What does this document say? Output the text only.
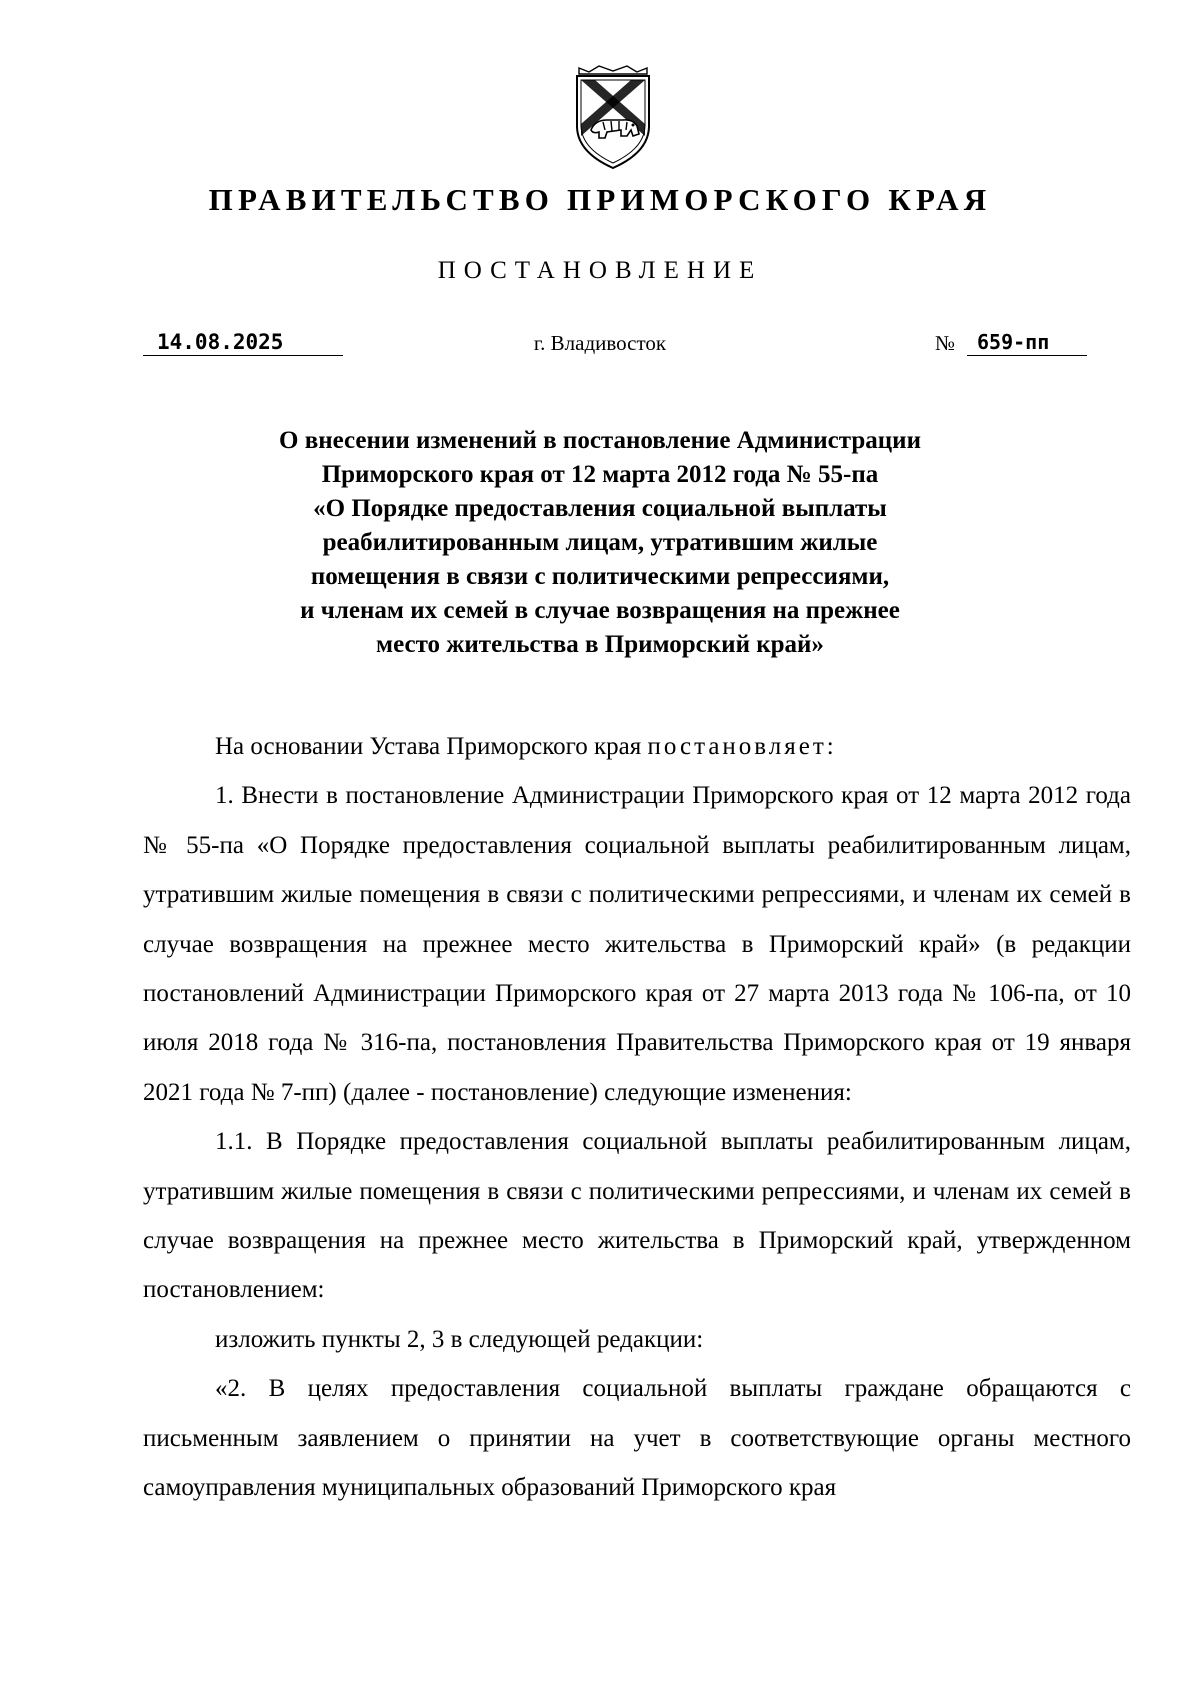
ПРАВИТЕЛЬСТВО ПРИМОРСКОГО КРАЯ
ПОСТАНОВЛЕНИЕ
14.08.2025	г. Владивосток	№	659-пп
О внесении изменений в постановление Администрации
Приморского края от 12 марта 2012 года № 55-па
«О Порядке предоставления социальной выплаты
реабилитированным лицам, утратившим жилые
помещения в связи с политическими репрессиями,
и членам их семей в случае возвращения на прежнее
место жительства в Приморский край»

На основании Устава Приморского края постановляет:

1. Внести в постановление Администрации Приморского края от 12 марта 2012 года № 55-па «О Порядке предоставления социальной выплаты реабилитированным лицам, утратившим жилые помещения в связи с политическими репрессиями, и членам их семей в случае возвращения на прежнее место жительства в Приморский край» (в редакции постановлений Администрации Приморского края от 27 марта 2013 года № 106-па, от 10 июля 2018 года № 316-па, постановления Правительства Приморского края от 19 января 2021 года № 7-пп) (далее - постановление) следующие изменения:

1.1. В Порядке предоставления социальной выплаты реабилитированным лицам, утратившим жилые помещения в связи с политическими репрессиями, и членам их семей в случае возвращения на прежнее место жительства в Приморский край, утвержденном постановлением:

изложить пункты 2, 3 в следующей редакции:

«2. В целях предоставления социальной выплаты граждане обращаются с письменным заявлением о принятии на учет в соответствующие органы местного самоуправления муниципальных образований Приморского края
